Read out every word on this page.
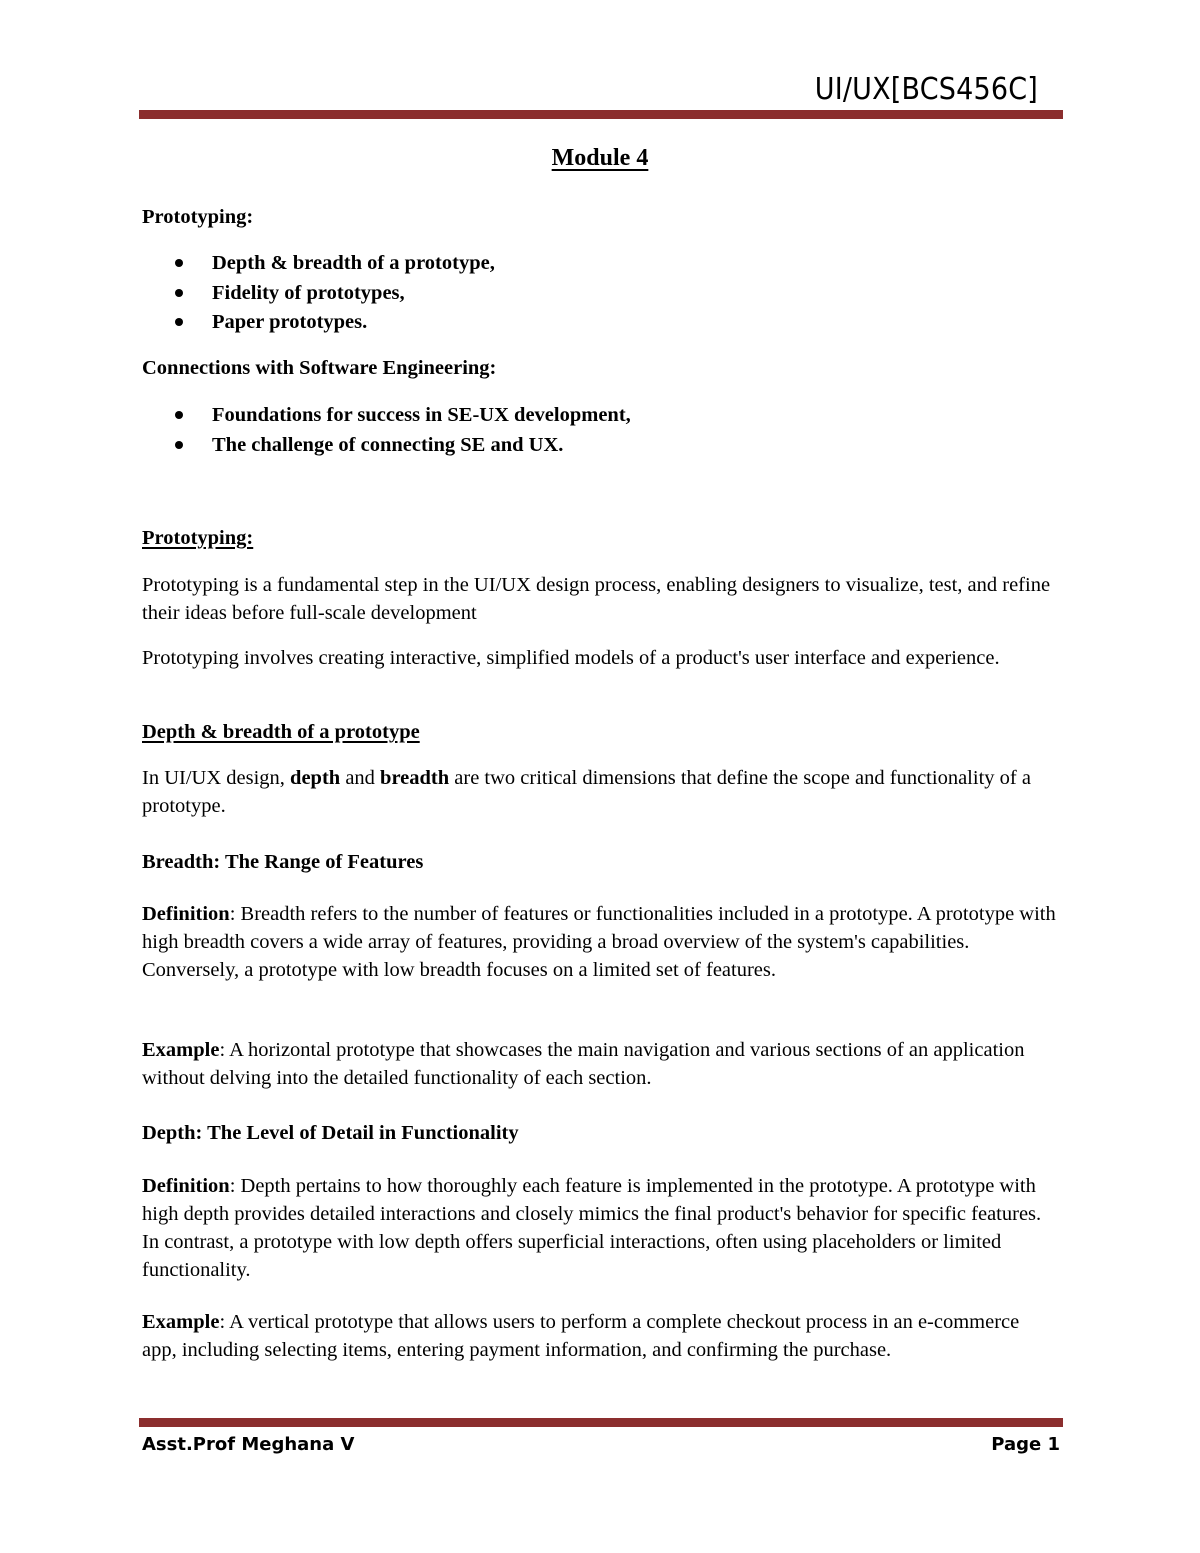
UI/UX[BCS456C]
Module 4
Prototyping:
Depth & breadth of a prototype,
Fidelity of prototypes,
Paper prototypes.
Connections with Software Engineering:
Foundations for success in SE-UX development,
The challenge of connecting SE and UX.
Prototyping:
Prototyping is a fundamental step in the UI/UX design process, enabling designers to visualize, test, and refine their ideas before full-scale development
Prototyping involves creating interactive, simplified models of a product's user interface and experience.
Depth & breadth of a prototype
In UI/UX design, depth and breadth are two critical dimensions that define the scope and functionality of a prototype.
Breadth: The Range of Features
Definition: Breadth refers to the number of features or functionalities included in a prototype. A prototype with high breadth covers a wide array of features, providing a broad overview of the system's capabilities. Conversely, a prototype with low breadth focuses on a limited set of features.
Example: A horizontal prototype that showcases the main navigation and various sections of an application without delving into the detailed functionality of each section.
Depth: The Level of Detail in Functionality
Definition: Depth pertains to how thoroughly each feature is implemented in the prototype. A prototype with high depth provides detailed interactions and closely mimics the final product's behavior for specific features. In contrast, a prototype with low depth offers superficial interactions, often using placeholders or limited functionality.
Example: A vertical prototype that allows users to perform a complete checkout process in an e-commerce app, including selecting items, entering payment information, and confirming the purchase.
Asst.Prof Meghana V	Page 1
